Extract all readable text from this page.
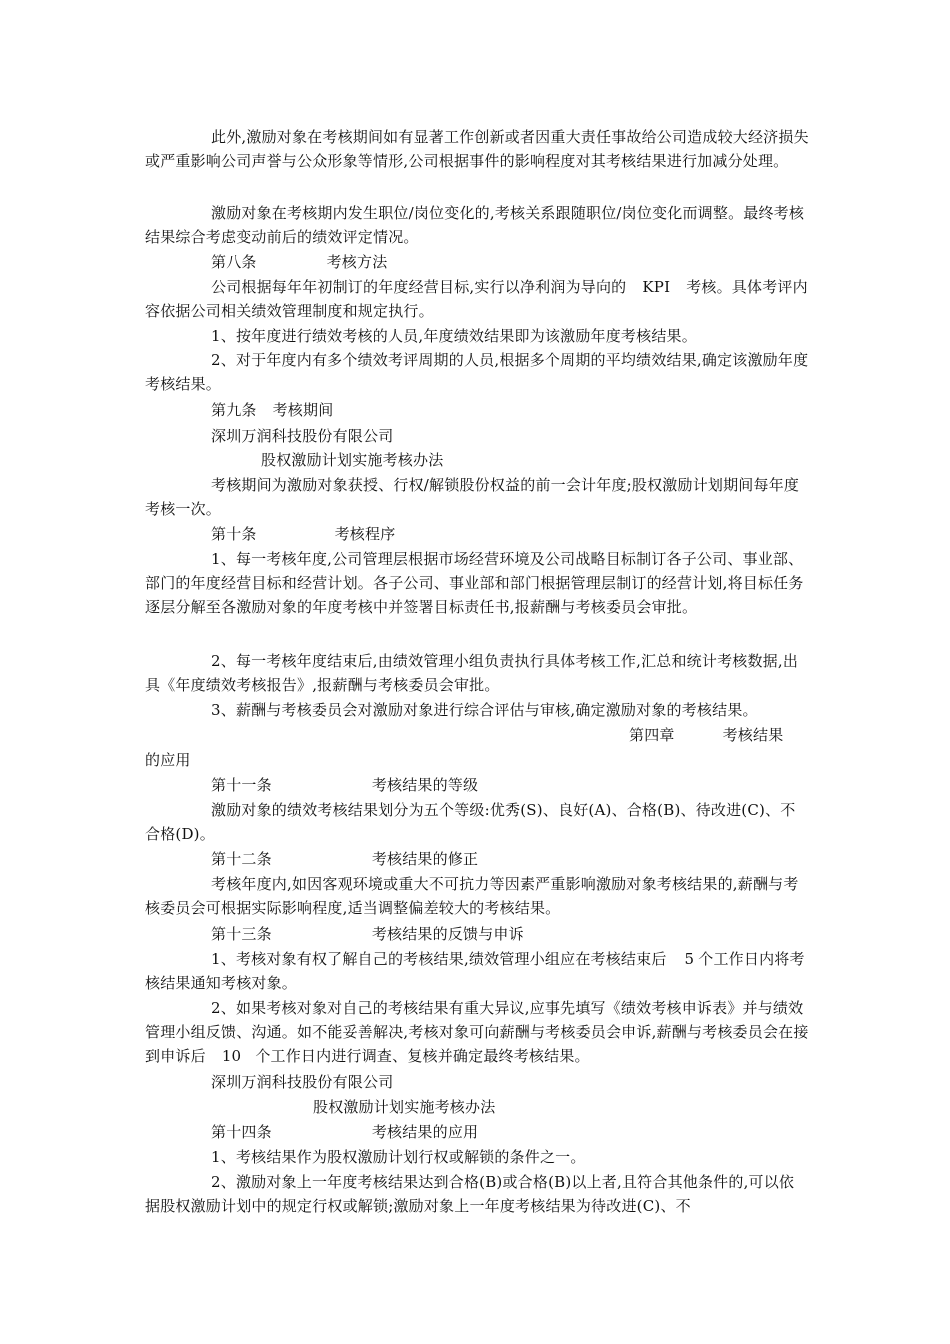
此外,激励对象在考核期间如有显著工作创新或者因重大责任事故给公司造成较大经济损失或严重影响公司声誉与公众形象等情形,公司根据事件的影响程度对其考核结果进行加减分处理。

激励对象在考核期内发生职位/岗位变化的,考核关系跟随职位/岗位变化而调整。最终考核结果综合考虑变动前后的绩效评定情况。

第八条	考核方法

公司根据每年年初制订的年度经营目标,实行以净利润为导向的 KPI 考核。具体考评内容依据公司相关绩效管理制度和规定执行。

1、按年度进行绩效考核的人员,年度绩效结果即为该激励年度考核结果。

2、对于年度内有多个绩效考评周期的人员,根据多个周期的平均绩效结果,确定该激励年度考核结果。

第九条 考核期间
深圳万润科技股份有限公司
股权激励计划实施考核办法

考核期间为激励对象获授、行权/解锁股份权益的前一会计年度;股权激励计划期间每年度考核一次。

第十条	考核程序

1、每一考核年度,公司管理层根据市场经营环境及公司战略目标制订各子公司、事业部、部门的年度经营目标和经营计划。各子公司、事业部和部门根据管理层制订的经营计划,将目标任务逐层分解至各激励对象的年度考核中并签署目标责任书,报薪酬与考核委员会审批。

2、每一考核年度结束后,由绩效管理小组负责执行具体考核工作,汇总和统计考核数据,出具《年度绩效考核报告》,报薪酬与考核委员会审批。

3、薪酬与考核委员会对激励对象进行综合评估与审核,确定激励对象的考核结果。

第四章	考核结果
的应用
第十一条	考核结果的等级

激励对象的绩效考核结果划分为五个等级:优秀(S)、良好(A)、合格(B)、待改进(C)、不合格(D)。

第十二条	考核结果的修正

考核年度内,如因客观环境或重大不可抗力等因素严重影响激励对象考核结果的,薪酬与考核委员会可根据实际影响程度,适当调整偏差较大的考核结果。

第十三条	考核结果的反馈与申诉

1、考核对象有权了解自己的考核结果,绩效管理小组应在考核结束后 5 个工作日内将考核结果通知考核对象。

2、如果考核对象对自己的考核结果有重大异议,应事先填写《绩效考核申诉表》并与绩效管理小组反馈、沟通。如不能妥善解决,考核对象可向薪酬与考核委员会申诉,薪酬与考核委员会在接到申诉后 10 个工作日内进行调查、复核并确定最终考核结果。

深圳万润科技股份有限公司
股权激励计划实施考核办法
第十四条	考核结果的应用

1、考核结果作为股权激励计划行权或解锁的条件之一。

2、激励对象上一年度考核结果达到合格(B)或合格(B)以上者,且符合其他条件的,可以依据股权激励计划中的规定行权或解锁;激励对象上一年度考核结果为待改进(C)、不
